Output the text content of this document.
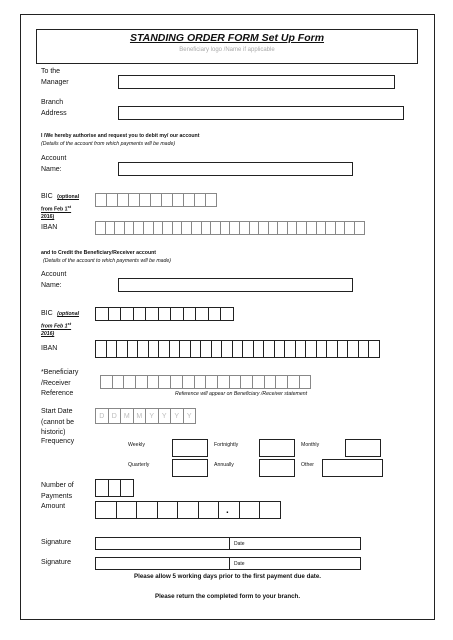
STANDING ORDER FORM Set Up Form
Beneficiary logo /Name if applicable
To the
Manager
Branch
Address
I /We hereby authorise and request you to debit my/ our account
(Details of the account from which payments will be made)
Account
Name:
BIC (optional
from Feb 1st
2016)
IBAN
and to Credit the Beneficiary/Receiver account
(Details of the account to which payments will be made)
Account
Name:
BIC (optional
from Feb 1st
2016)
IBAN
*Beneficiary
/Receiver
Reference	Reference will appear on Beneficiary /Receiver statement
Start Date
(cannot be
historic)
D	D	M M	Y	Y	Y	Y
Frequency	Weekly	Fortnightly	Monthly
Quarterly	Annually	Other
Number of
Payments
Amount	.
Signature	Date
Signature	Date
Please allow 5 working days prior to the first payment due date.
Please return the completed form to your branch.
